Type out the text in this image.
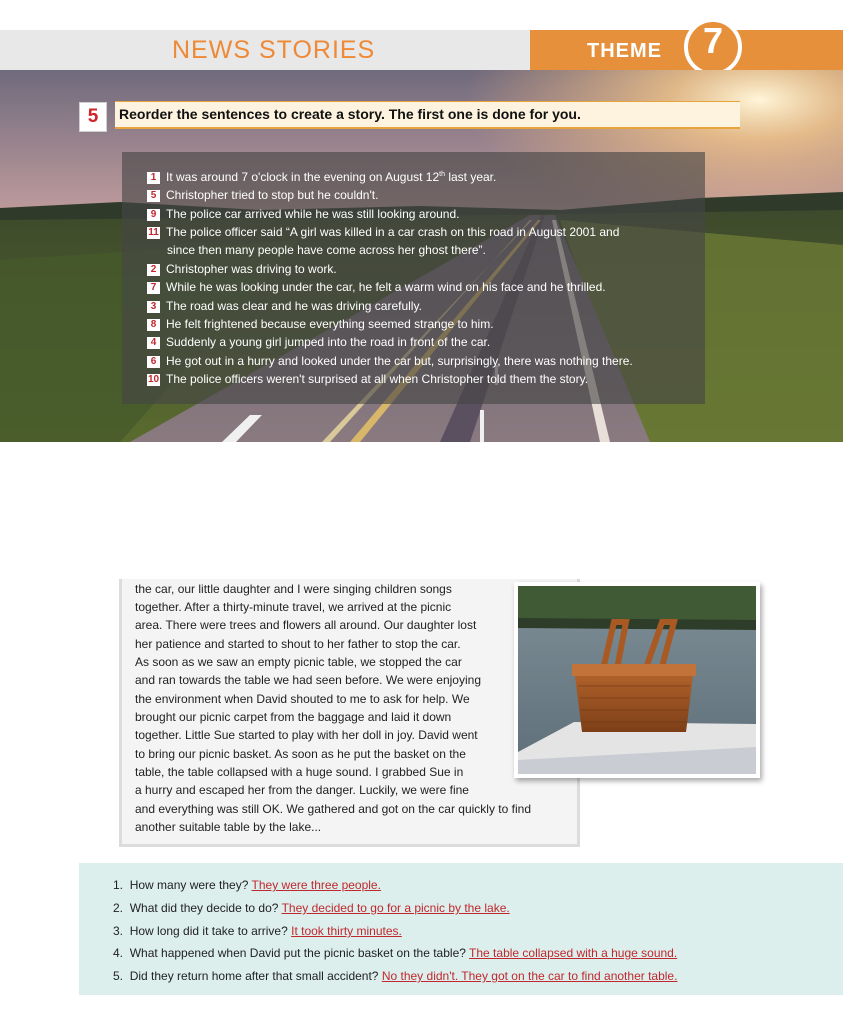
NEWS STORIES	THEME	7
5	Reorder the sentences to create a story. The first one is done for you.
1 It was around 7 o'clock in the evening on August 12th last year.
5 Christopher tried to stop but he couldn't.
9 The police car arrived while he was still looking around.
11 The police officer said “A girl was killed in a car crash on this road in August 2001 and
since then many people have come across her ghost there”.
2 Christopher was driving to work.
7 While he was looking under the car, he felt a warm wind on his face and he thrilled.
3 The road was clear and he was driving carefully.
8 He felt frightened because everything seemed strange to him.
4 Suddenly a young girl jumped into the road in front of the car.
6 He got out in a hurry and looked under the car but, surprisingly, there was nothing there.
10 The police officers weren't surprised at all when Christopher told them the story.
the car, our little daughter and I were singing children songs
together. After a thirty-minute travel, we arrived at the picnic
area. There were trees and flowers all around. Our daughter lost
her patience and started to shout to her father to stop the car.
As soon as we saw an empty picnic table, we stopped the car
and ran towards the table we had seen before. We were enjoying
the environment when David shouted to me to ask for help. We
brought our picnic carpet from the baggage and laid it down
together. Little Sue started to play with her doll in joy. David went
to bring our picnic basket. As soon as he put the basket on the
table, the table collapsed with a huge sound. I grabbed Sue in
a hurry and escaped her from the danger. Luckily, we were fine
and everything was still OK. We gathered and got on the car quickly to find
another suitable table by the lake...
1. How many were they? They were three people.
2. What did they decide to do? They decided to go for a picnic by the lake.
3. How long did it take to arrive? It took thirty minutes.
4. What happened when David put the picnic basket on the table? The table collapsed with a huge sound.
5. Did they return home after that small accident? No they didn't. They got on the car to find another table.
